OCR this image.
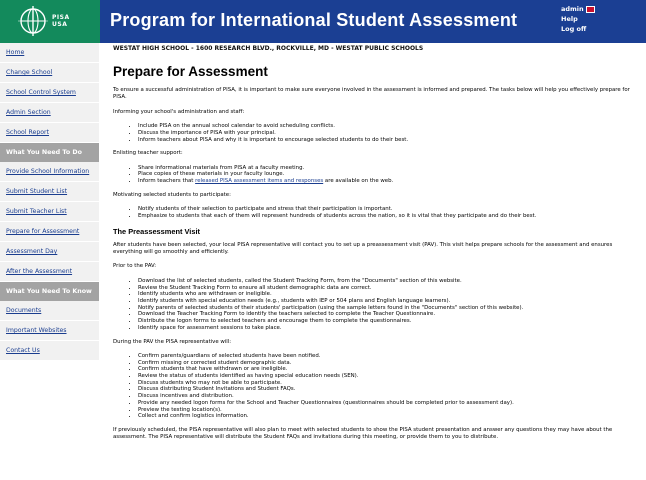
PISA
USA Program for International Student Assessment
admin
Help
Log off
Home
Change School
School Control System
Admin Section
School Report
What You Need To Do
Provide School Information
Submit Student List
Submit Teacher List
Prepare for Assessment
Assessment Day
After the Assessment
What You Need To Know
Documents
Important Websites
Contact Us
WESTAT HIGH SCHOOL - 1600 RESEARCH BLVD., ROCKVILLE, MD - WESTAT PUBLIC SCHOOLS
Prepare for Assessment

To ensure a successful administration of PISA, it is important to make sure everyone involved in the assessment is informed and prepared. The tasks below will help you effectively prepare for PISA.

Informing your school's administration and staff:

• Include PISA on the annual school calendar to avoid scheduling conflicts.
• Discuss the importance of PISA with your principal.
• Inform teachers about PISA and why it is important to encourage selected students to do their best.

Enlisting teacher support:

• Share informational materials from PISA at a faculty meeting.
• Place copies of these materials in your faculty lounge.
• Inform teachers that released PISA assessment items and responses are available on the web.

Motivating selected students to participate:

• Notify students of their selection to participate and stress that their participation is important.
• Emphasize to students that each of them will represent hundreds of students across the nation, so it is vital that they participate and do their best.
The Preassessment Visit

After students have been selected, your local PISA representative will contact you to set up a preassessment visit (PAV). This visit helps prepare schools for the assessment and ensures everything will go smoothly and efficiently.

Prior to the PAV:

• Download the list of selected students, called the Student Tracking Form, from the "Documents" section of this website.
• Review the Student Tracking Form to ensure all student demographic data are correct.
• Identify students who are withdrawn or ineligible.
• Identify students with special education needs (e.g., students with IEP or 504 plans and English language learners).
• Notify parents of selected students of their students' participation (using the sample letters found in the "Documents" section of this website).
• Download the Teacher Tracking Form to identify the teachers selected to complete the Teacher Questionnaire.
• Distribute the logon forms to selected teachers and encourage them to complete the questionnaires.
• Identify space for assessment sessions to take place.

During the PAV the PISA representative will:

• Confirm parents/guardians of selected students have been notified.
• Confirm missing or corrected student demographic data.
• Confirm students that have withdrawn or are ineligible.
• Review the status of students identified as having special education needs (SEN).
• Discuss students who may not be able to participate.
• Discuss distributing Student Invitations and Student FAQs.
• Discuss incentives and distribution.
• Provide any needed logon forms for the School and Teacher Questionnaires (questionnaires should be completed prior to assessment day).
• Preview the testing location(s).
• Collect and confirm logistics information.

If previously scheduled, the PISA representative will also plan to meet with selected students to show the PISA student presentation and answer any questions they may have about the assessment. The PISA representative will distribute the Student FAQs and invitations during this meeting, or provide them to you to distribute.
